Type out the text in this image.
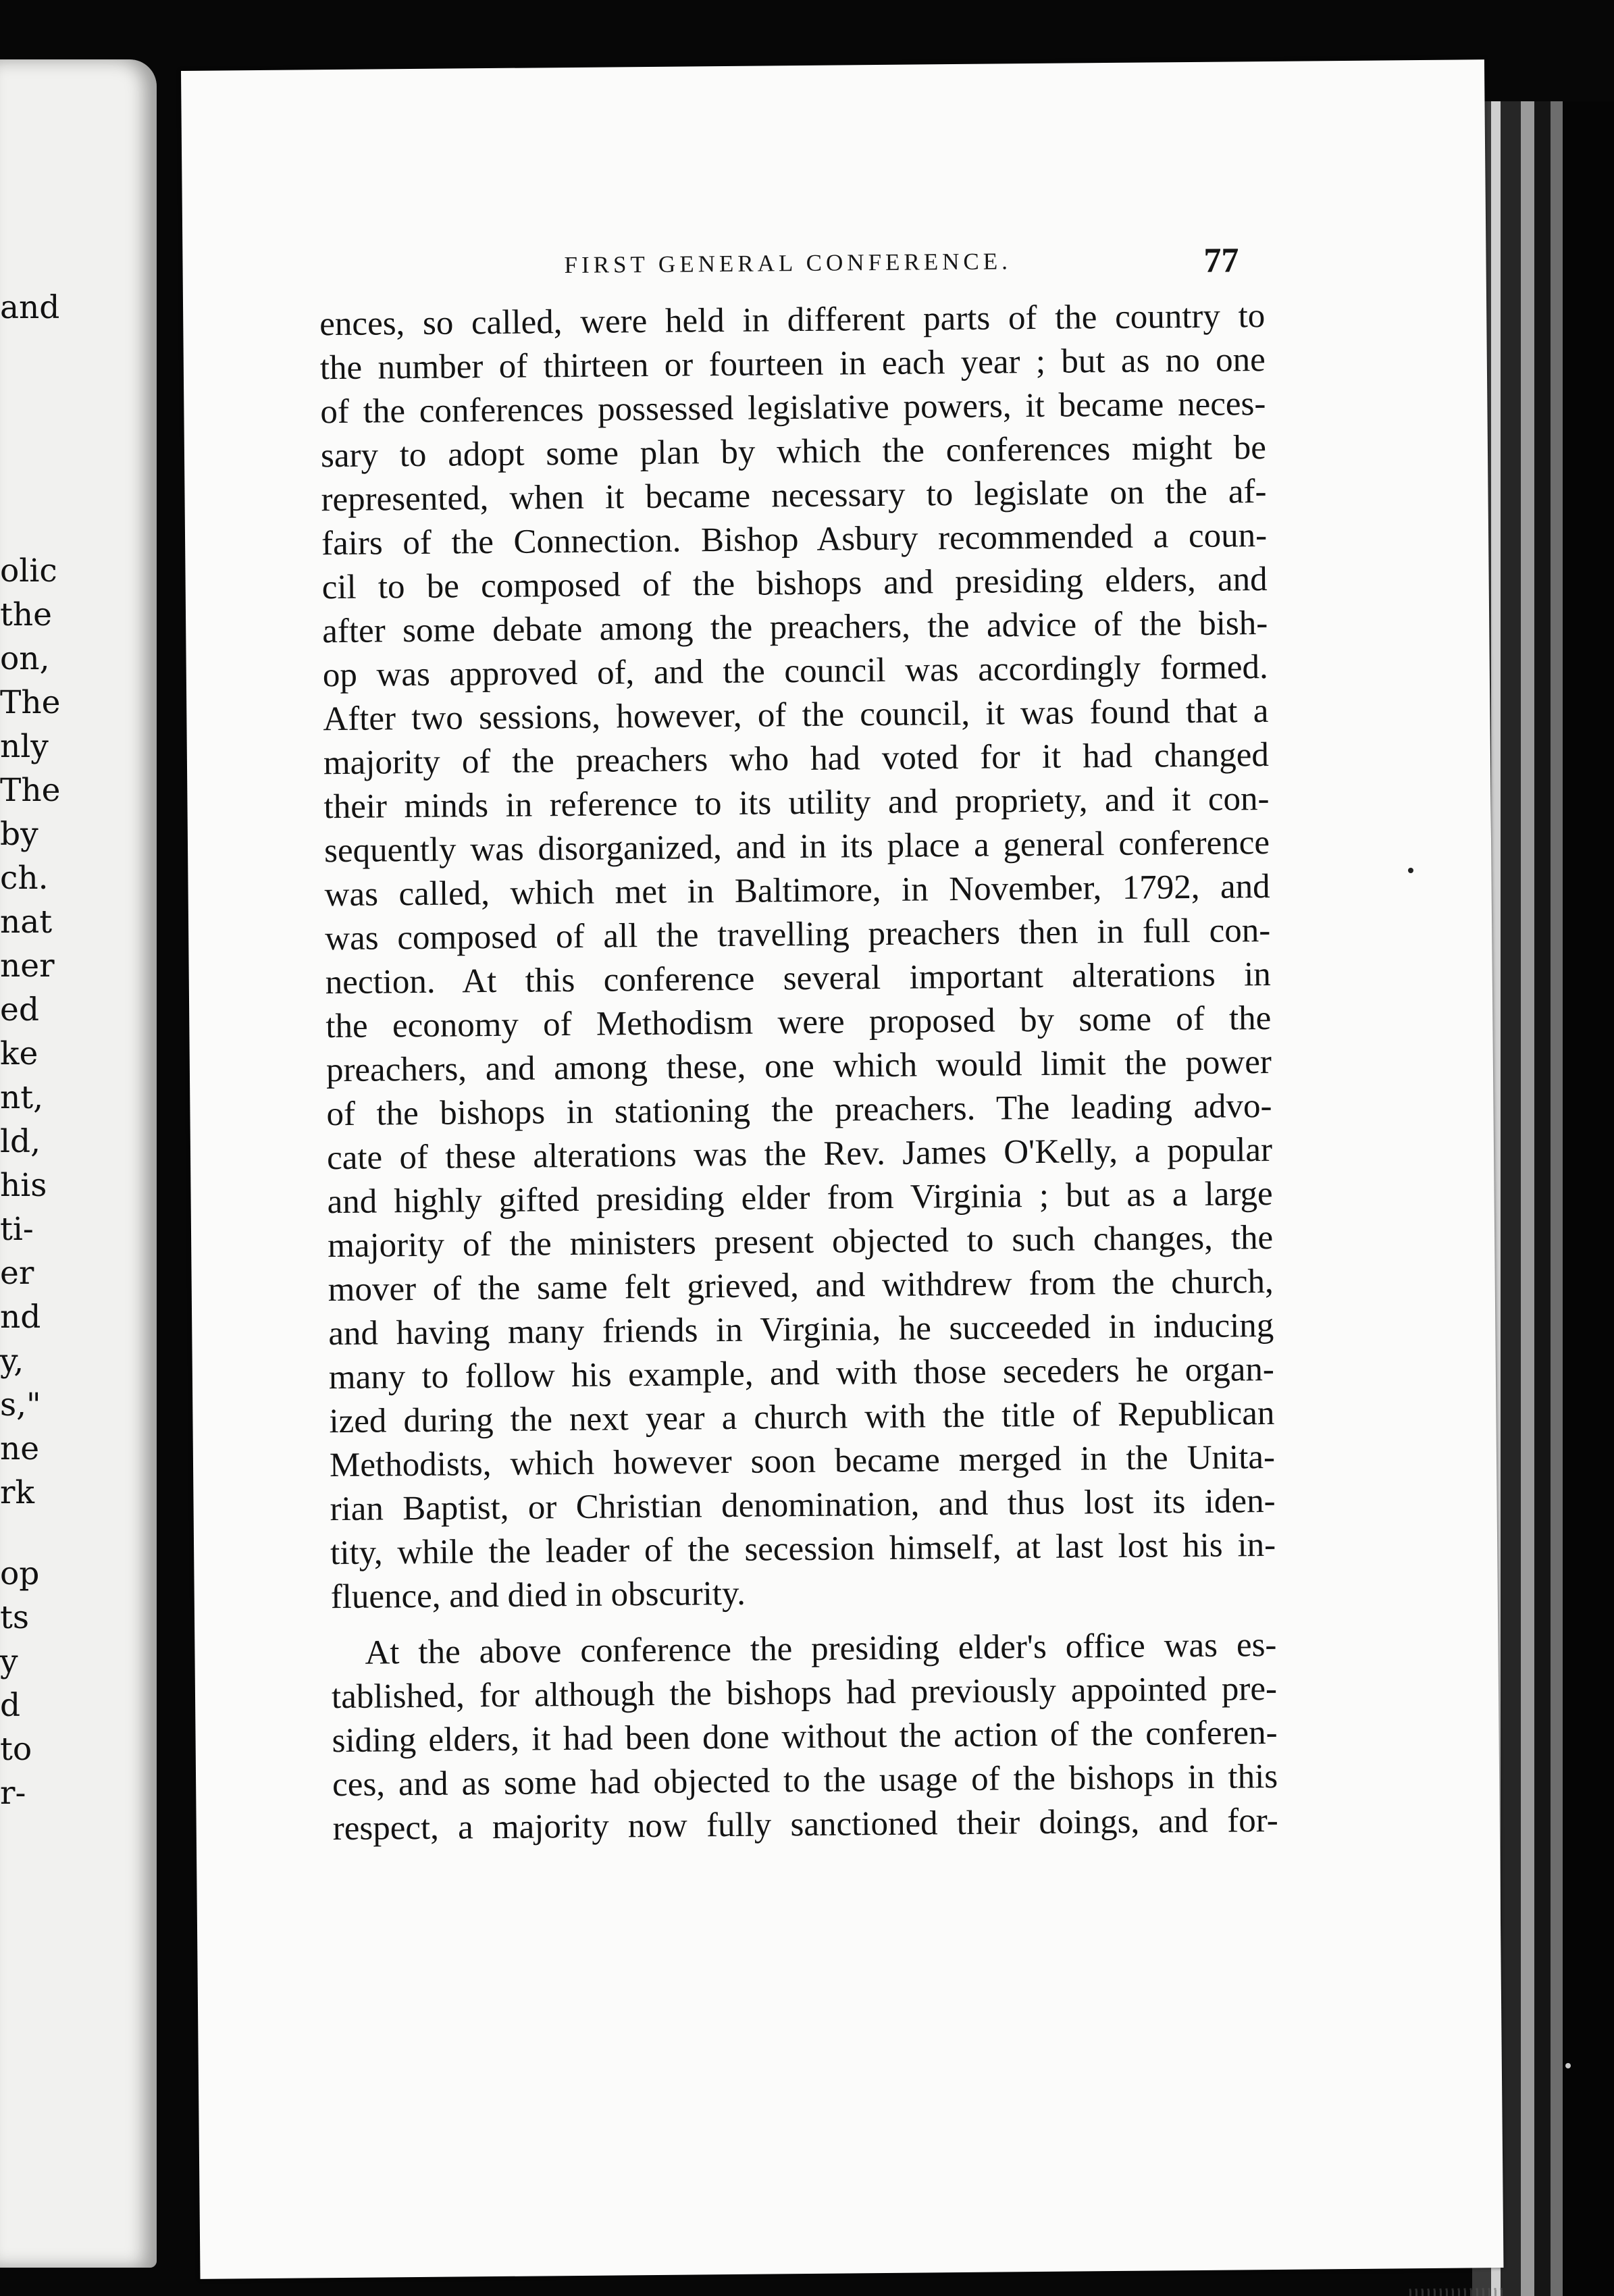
and
olic
the
on,
The
nly
The
by
ch.
nat
ner
ed
ke
nt,
ld,
his
ti-
er
nd
y,
s,"
ne
rk
op
ts
y
d
to
r-
FIRST GENERAL CONFERENCE.	77
ences, so called, were held in different parts of the country to
the number of thirteen or fourteen in each year ; but as no one
of the conferences possessed legislative powers, it became neces-
sary to adopt some plan by which the conferences might be
represented, when it became necessary to legislate on the af-
fairs of the Connection. Bishop Asbury recommended a coun-
cil to be composed of the bishops and presiding elders, and
after some debate among the preachers, the advice of the bish-
op was approved of, and the council was accordingly formed.
After two sessions, however, of the council, it was found that a
majority of the preachers who had voted for it had changed
their minds in reference to its utility and propriety, and it con-
sequently was disorganized, and in its place a general conference
was called, which met in Baltimore, in November, 1792, and
was composed of all the travelling preachers then in full con-
nection. At this conference several important alterations in
the economy of Methodism were proposed by some of the
preachers, and among these, one which would limit the power
of the bishops in stationing the preachers. The leading advo-
cate of these alterations was the Rev. James O'Kelly, a popular
and highly gifted presiding elder from Virginia ; but as a large
majority of the ministers present objected to such changes, the
mover of the same felt grieved, and withdrew from the church,
and having many friends in Virginia, he succeeded in inducing
many to follow his example, and with those seceders he organ-
ized during the next year a church with the title of Republican
Methodists, which however soon became merged in the Unita-
rian Baptist, or Christian denomination, and thus lost its iden-
tity, while the leader of the secession himself, at last lost his in-
fluence, and died in obscurity.
At the above conference the presiding elder's office was es-
tablished, for although the bishops had previously appointed pre-
siding elders, it had been done without the action of the conferen-
ces, and as some had objected to the usage of the bishops in this
respect, a majority now fully sanctioned their doings, and for-
